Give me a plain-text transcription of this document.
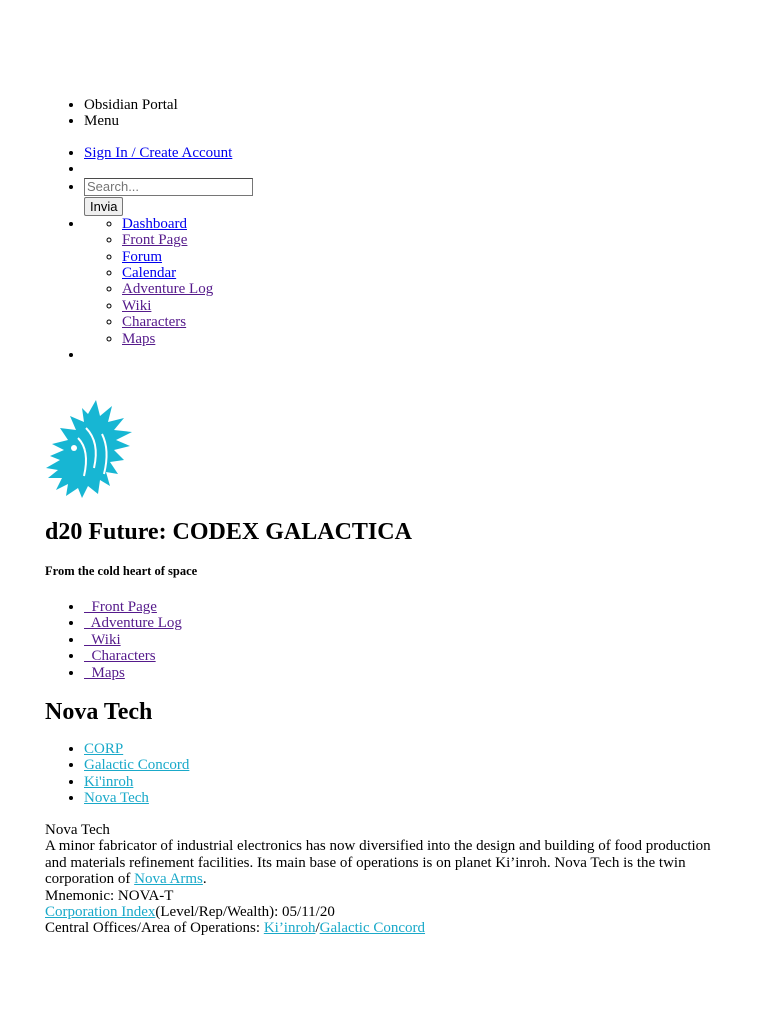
• Obsidian Portal
• Menu
• Sign In / Create Account
•
Search...
• Invia
◦ • Dashboard
◦ Front Page
◦ Forum
◦ Calendar
◦ Adventure Log
◦ Wiki
◦ Characters
◦ Maps
•
d20 Future: CODEX GALACTICA
From the cold heart of space
•   Front Page
•   Adventure Log
•   Wiki
•   Characters
•   Maps
Nova Tech
• CORP
• Galactic Concord
• Ki'inroh
• Nova Tech

Nova Tech

A minor fabricator of industrial electronics has now diversified into the design and building of food production and materials refinement facilities. Its main base of operations is on planet Ki’inroh. Nova Tech is the twin corporation of Nova Arms.

Mnemonic: NOVA-T

Corporation Index(Level/Rep/Wealth): 05/11/20

Central Offices/Area of Operations: Ki’inroh/Galactic Concord
